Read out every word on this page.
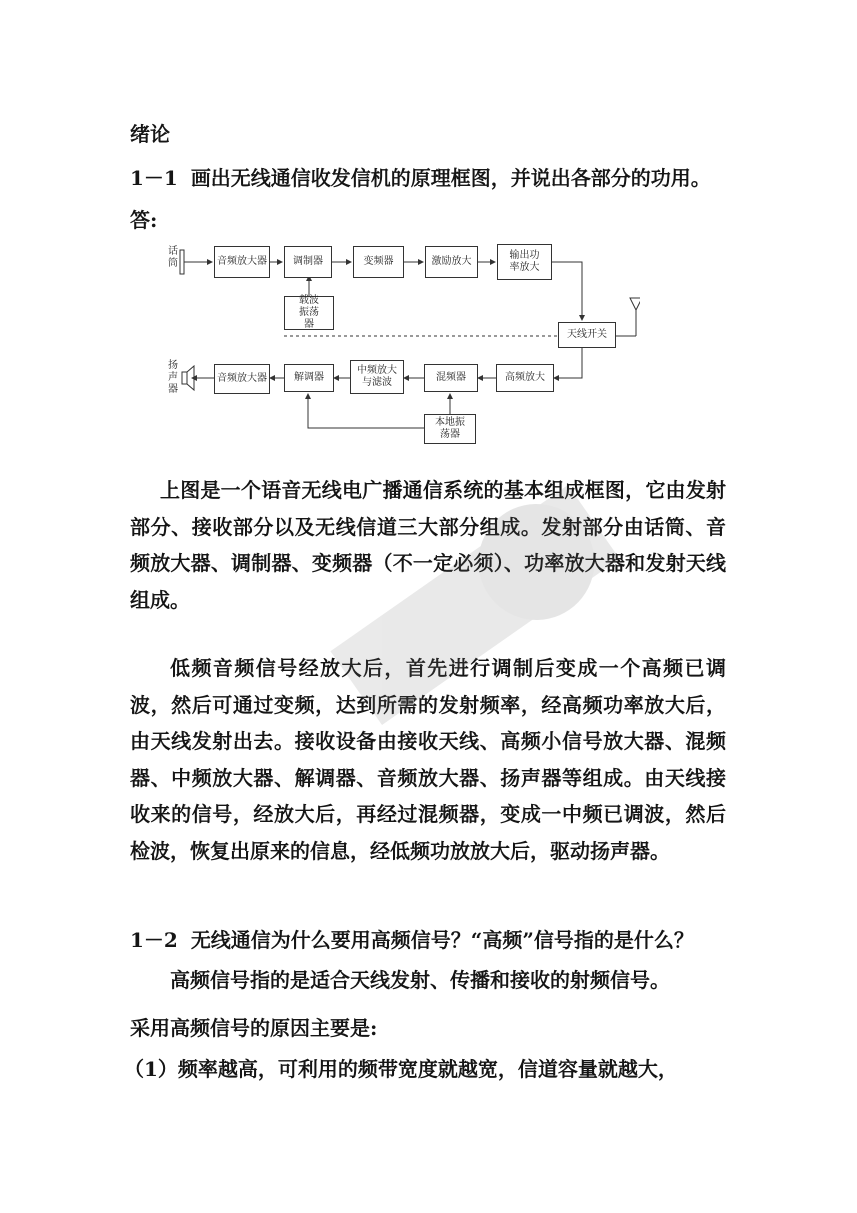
绪论
1－1 画出无线通信收发信机的原理框图，并说出各部分的功用。
答:
话筒
扬声器
音频放大器	调制器	变频器	激励放大
输出功率放大
载波振荡器
天线开关
高频放大
混频器
中频放大与滤波
解调器
音频放大器
本地振荡器

上图是一个语音无线电广播通信系统的基本组成框图，它由发射部分、接收部分以及无线信道三大部分组成。发射部分由话筒、音频放大器、调制器、变频器（不一定必须）、功率放大器和发射天线组成。

低频音频信号经放大后，首先进行调制后变成一个高频已调波，然后可通过变频，达到所需的发射频率，经高频功率放大后，由天线发射出去。接收设备由接收天线、高频小信号放大器、混频器、中频放大器、解调器、音频放大器、扬声器等组成。由天线接收来的信号，经放大后，再经过混频器，变成一中频已调波，然后检波，恢复出原来的信息，经低频功放放大后，驱动扬声器。

1－2 无线通信为什么要用高频信号？“高频”信号指的是什么？

高频信号指的是适合天线发射、传播和接收的射频信号。

采用高频信号的原因主要是:
（1）频率越高，可利用的频带宽度就越宽，信道容量就越大，
